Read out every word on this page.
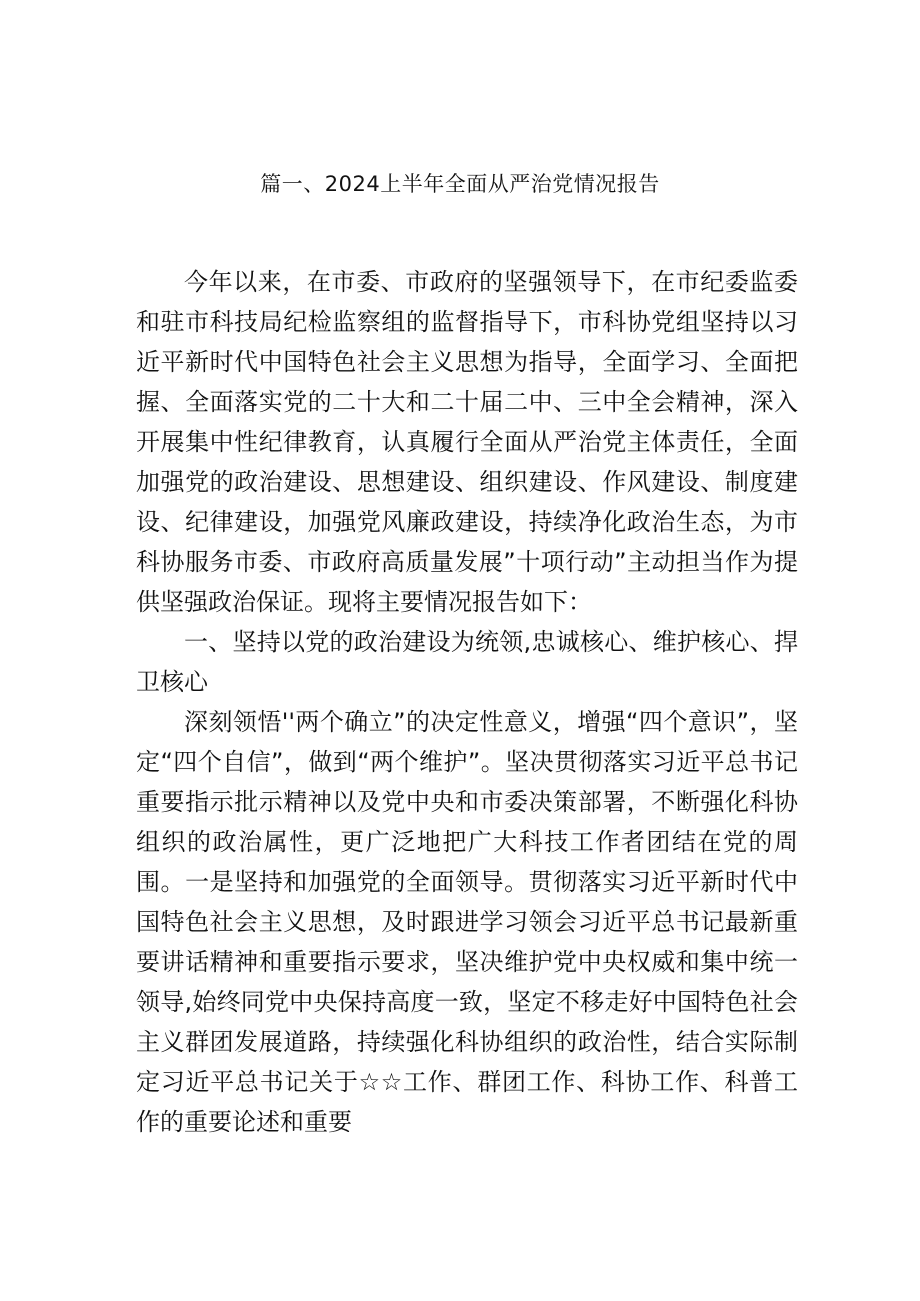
篇一、2024上半年全面从严治党情况报告

今年以来，在市委、市政府的坚强领导下，在市纪委监委和驻市科技局纪检监察组的监督指导下，市科协党组坚持以习近平新时代中国特色社会主义思想为指导，全面学习、全面把握、全面落实党的二十大和二十届二中、三中全会精神，深入开展集中性纪律教育，认真履行全面从严治党主体责任，全面加强党的政治建设、思想建设、组织建设、作风建设、制度建设、纪律建设，加强党风廉政建设，持续净化政治生态，为市科协服务市委、市政府高质量发展”十项行动”主动担当作为提供坚强政治保证。现将主要情况报告如下：

一、坚持以党的政治建设为统领,忠诚核心、维护核心、捍卫核心

深刻领悟''两个确立”的决定性意义，增强“四个意识”，坚定“四个自信”，做到“两个维护”。坚决贯彻落实习近平总书记重要指示批示精神以及党中央和市委决策部署，不断强化科协组织的政治属性，更广泛地把广大科技工作者团结在党的周围。一是坚持和加强党的全面领导。贯彻落实习近平新时代中国特色社会主义思想，及时跟进学习领会习近平总书记最新重要讲话精神和重要指示要求，坚决维护党中央权威和集中统一领导,始终同党中央保持高度一致，坚定不移走好中国特色社会主义群团发展道路，持续强化科协组织的政治性，结合实际制定习近平总书记关于☆☆工作、群团工作、科协工作、科普工作的重要论述和重要
